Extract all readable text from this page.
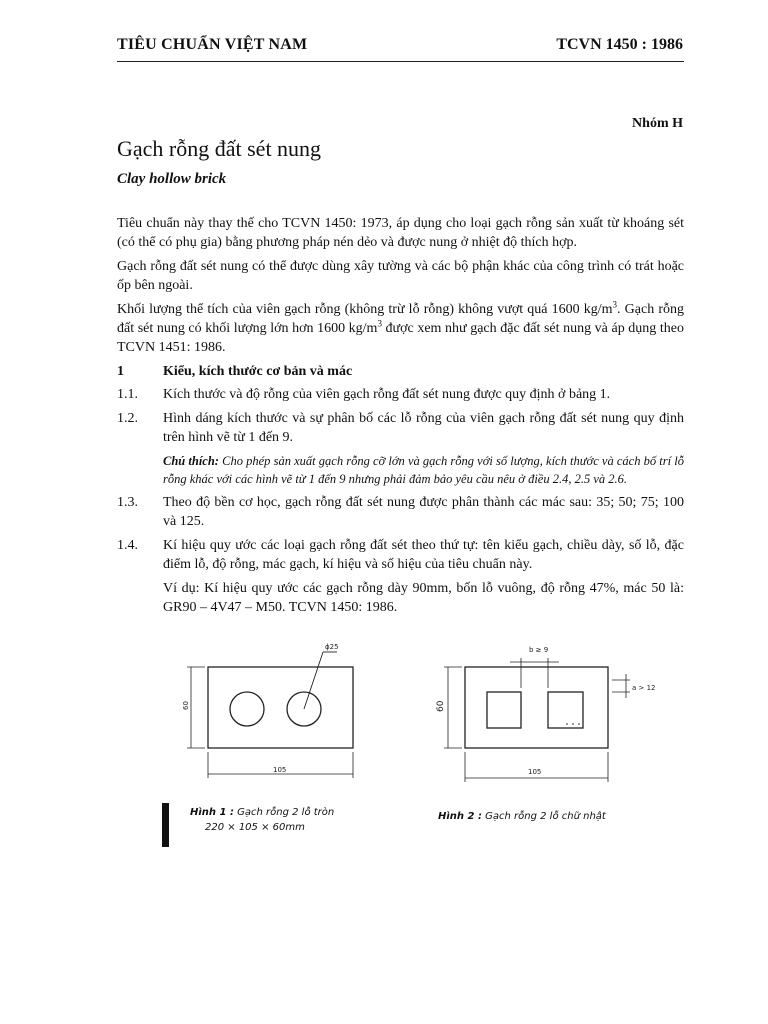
TIÊU CHUẨN VIỆT NAM	TCVN 1450 : 1986
Nhóm H
Gạch rỗng đất sét nung
Clay hollow brick

Tiêu chuẩn này thay thế cho TCVN 1450: 1973, áp dụng cho loại gạch rỗng sản xuất từ khoáng sét (có thể có phụ gia) bằng phương pháp nén dẻo và được nung ở nhiệt độ thích hợp.

Gạch rỗng đất sét nung có thể được dùng xây tường và các bộ phận khác của công trình có trát hoặc ốp bên ngoài.

Khối lượng thể tích của viên gạch rỗng (không trừ lỗ rỗng) không vượt quá 1600 $kg/m^3$. Gạch rỗng đất sét nung có khối lượng lớn hơn 1600 $kg/m^3$ được xem như gạch đặc đất sét nung và áp dụng theo TCVN 1451: 1986.

1	Kiểu, kích thước cơ bản và mác
1.1.	Kích thước và độ rỗng của viên gạch rỗng đất sét nung được quy định ở bảng 1.
1.2.	Hình dáng kích thước và sự phân bố các lỗ rỗng của viên gạch rỗng đất sét nung quy định trên hình vẽ từ 1 đến 9.
Chú thích: Cho phép sản xuất gạch rỗng cỡ lớn và gạch rỗng với số lượng, kích thước và cách bố trí lỗ rỗng khác với các hình vẽ từ 1 đến 9 nhưng phải đảm bảo yêu cầu nêu ở điều 2.4, 2.5 và 2.6.
1.3.	Theo độ bền cơ học, gạch rỗng đất sét nung được phân thành các mác sau: 35; 50; 75; 100 và 125.
1.4.	Kí hiệu quy ước các loại gạch rỗng đất sét theo thứ tự: tên kiểu gạch, chiều dày, số lỗ, đặc điểm lỗ, độ rỗng, mác gạch, kí hiệu và số hiệu của tiêu chuẩn này.
Ví dụ: Kí hiệu quy ước các gạch rỗng dày 90mm, bốn lỗ vuông, độ rỗng 47%, mác 50 là: GR90 – 4V47 – M50. TCVN 1450: 1986.
ϕ25
60
105
Hình 1 : Gạch rỗng 2 lỗ tròn
220 × 105 × 60mm
b ≥ 9
a > 12
60
105
Hình 2 : Gạch rỗng 2 lỗ chữ nhật
